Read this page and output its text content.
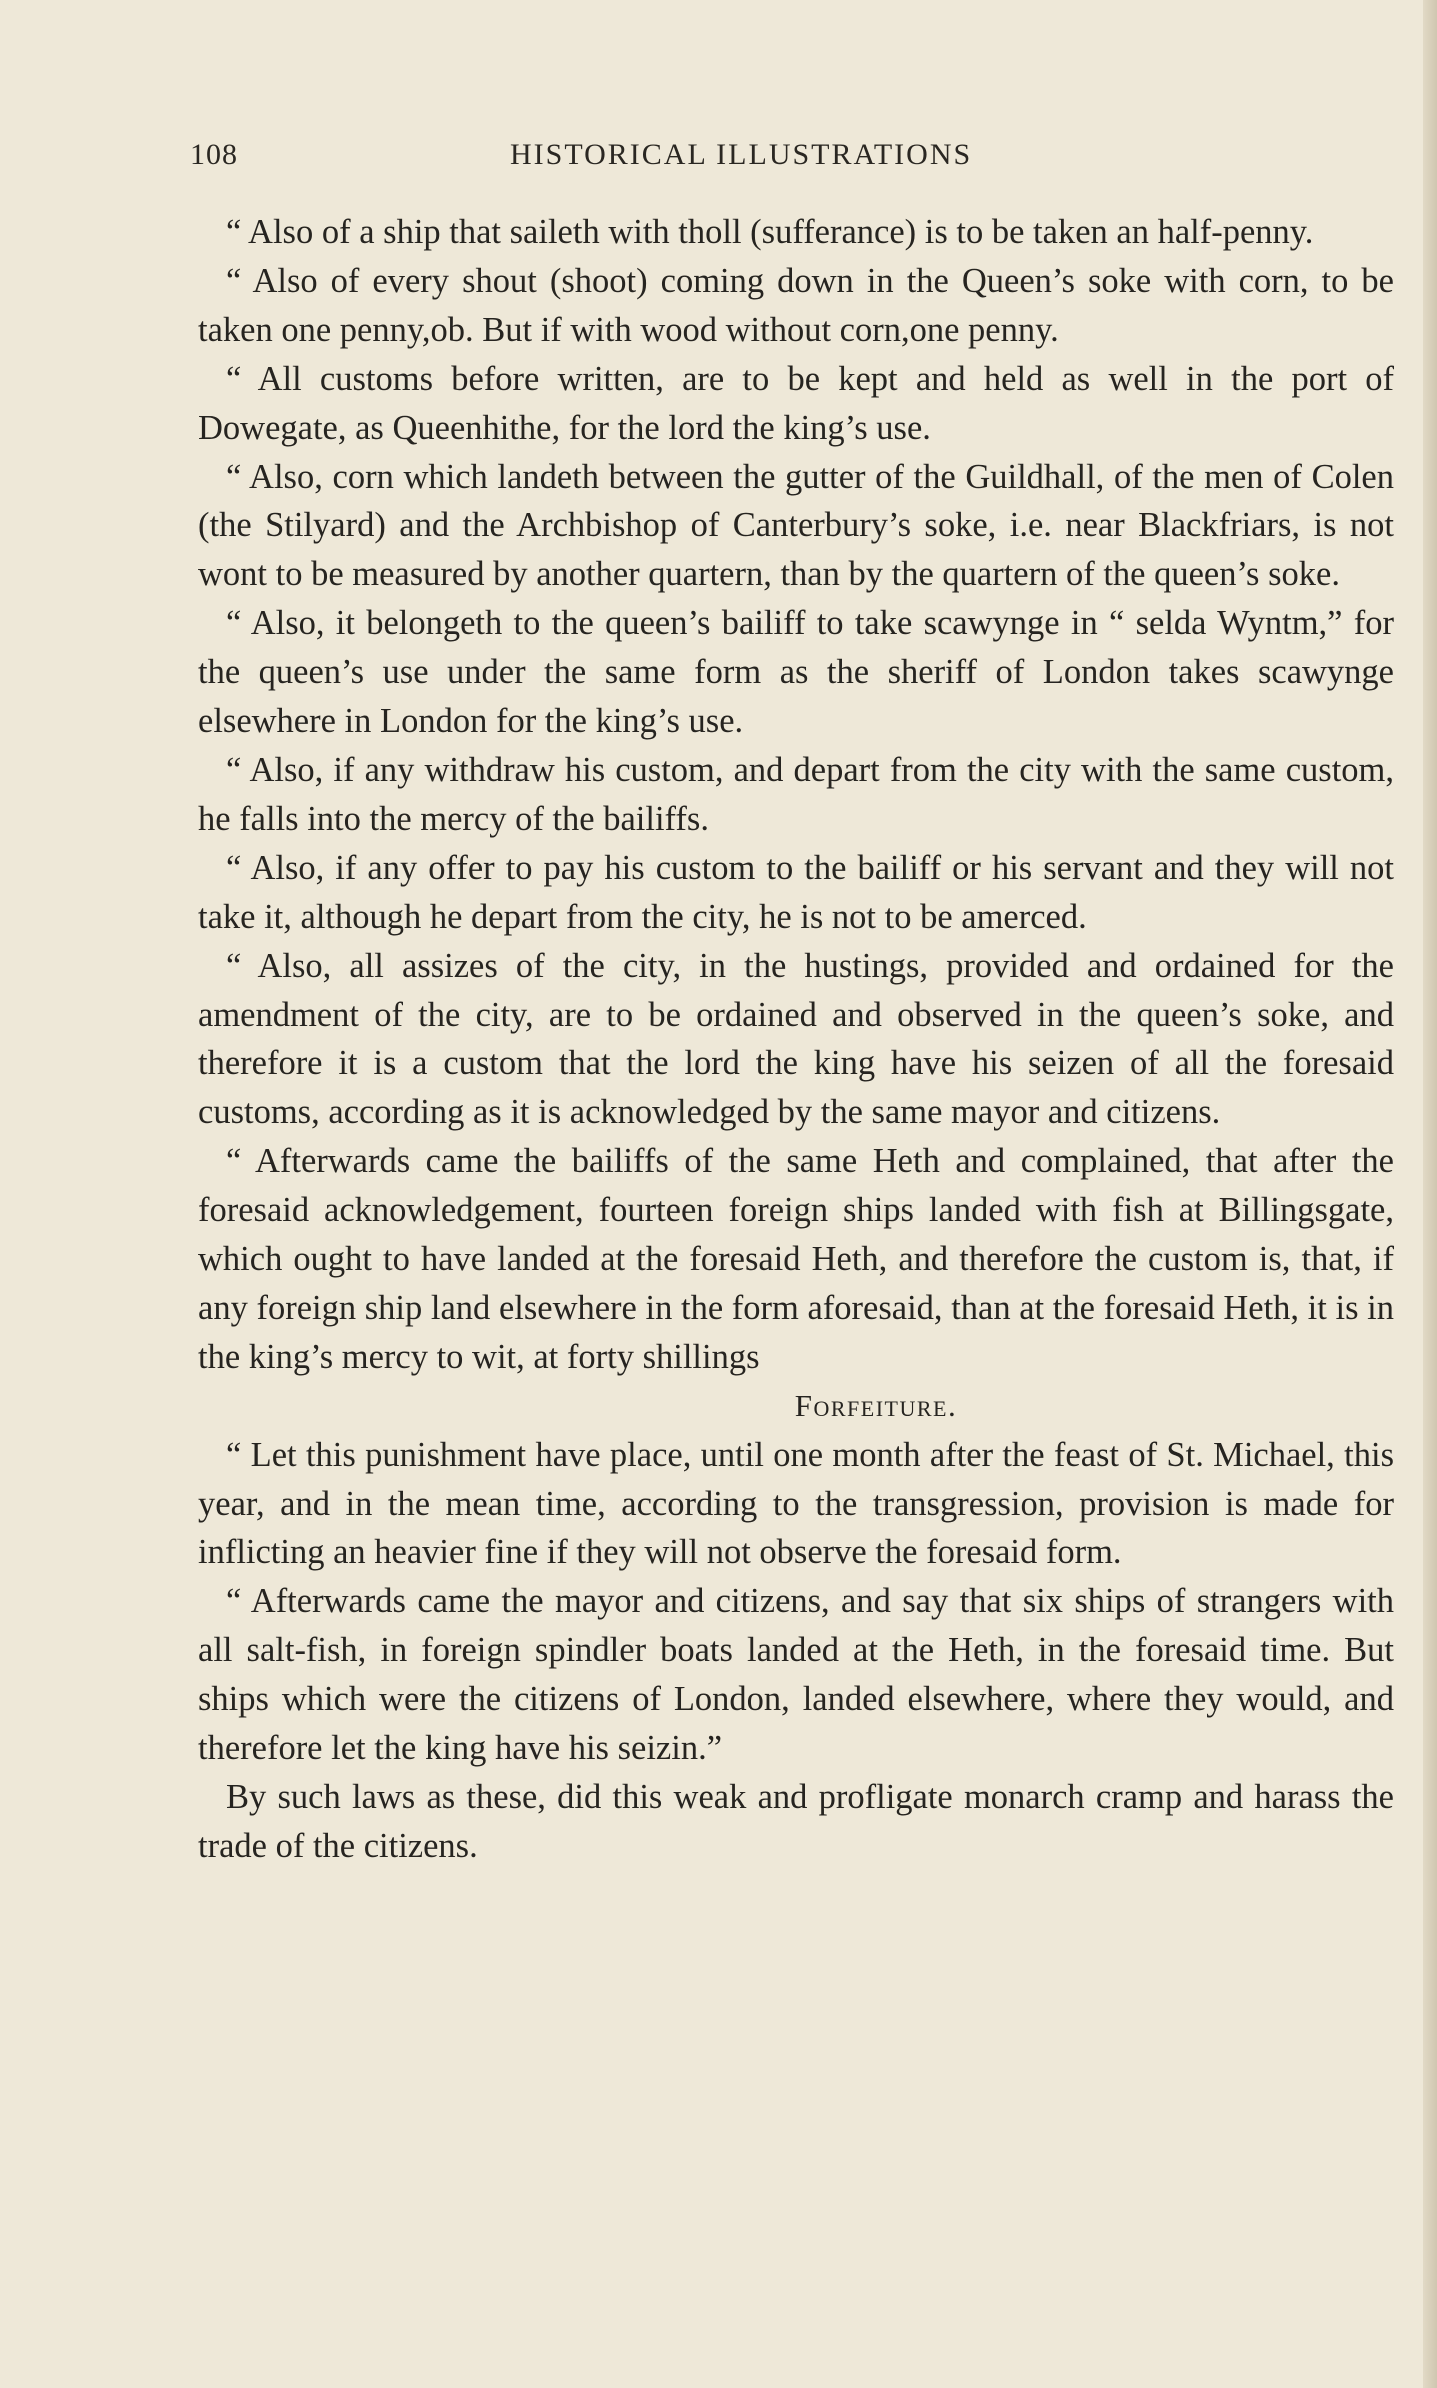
108	HISTORICAL ILLUSTRATIONS

“ Also of a ship that saileth with tholl (sufferance) is to be taken an half-penny.

“ Also of every shout (shoot) coming down in the Queen’s soke with corn, to be taken one penny,ob. But if with wood without corn,one penny.

“ All customs before written, are to be kept and held as well in the port of Dowegate, as Queenhithe, for the lord the king’s use.

“ Also, corn which landeth between the gutter of the Guildhall, of the men of Colen (the Stilyard) and the Archbishop of Canterbury’s soke, i.e. near Blackfriars, is not wont to be measured by another quartern, than by the quartern of the queen’s soke.

“ Also, it belongeth to the queen’s bailiff to take scawynge in “ selda Wyntm,” for the queen’s use under the same form as the sheriff of London takes scawynge elsewhere in London for the king’s use.

“ Also, if any withdraw his custom, and depart from the city with the same custom, he falls into the mercy of the bailiffs.

“ Also, if any offer to pay his custom to the bailiff or his servant and they will not take it, although he depart from the city, he is not to be amerced.

“ Also, all assizes of the city, in the hustings, provided and ordained for the amendment of the city, are to be ordained and observed in the queen’s soke, and therefore it is a custom that the lord the king have his seizen of all the foresaid customs, according as it is acknowledged by the same mayor and citizens.

“ Afterwards came the bailiffs of the same Heth and complained, that after the foresaid acknowledgement, fourteen foreign ships landed with fish at Billingsgate, which ought to have landed at the foresaid Heth, and therefore the custom is, that, if any foreign ship land elsewhere in the form aforesaid, than at the foresaid Heth, it is in the king’s mercy to wit, at forty shillings

Forfeiture.

“ Let this punishment have place, until one month after the feast of St. Michael, this year, and in the mean time, according to the transgression, provision is made for inflicting an heavier fine if they will not observe the foresaid form.

“ Afterwards came the mayor and citizens, and say that six ships of strangers with all salt-fish, in foreign spindler boats landed at the Heth, in the foresaid time. But ships which were the citizens of London, landed elsewhere, where they would, and therefore let the king have his seizin.”

By such laws as these, did this weak and profligate monarch cramp and harass the trade of the citizens.
